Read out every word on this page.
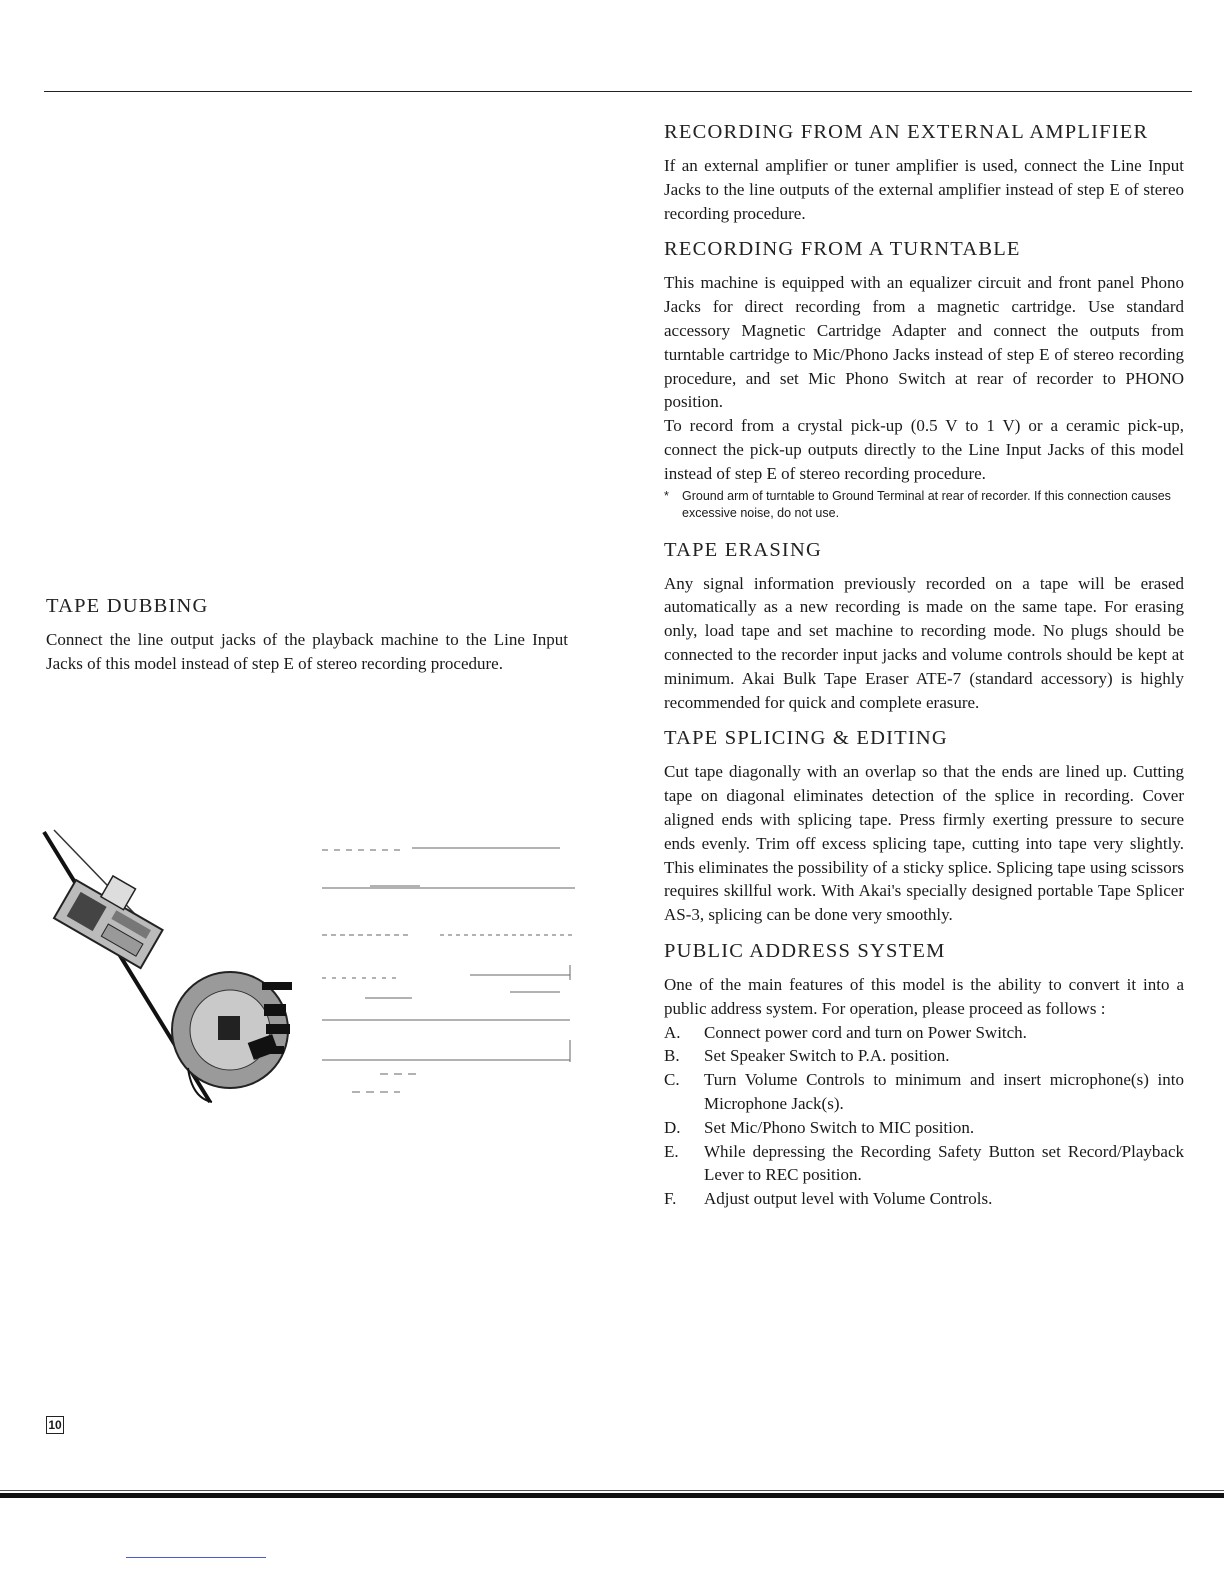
RECORDING FROM AN EXTERNAL AMPLIFIER

If an external amplifier or tuner amplifier is used, connect the Line Input Jacks to the line outputs of the external amplifier instead of step E of stereo recording procedure.

RECORDING FROM A TURNTABLE

This machine is equipped with an equalizer circuit and front panel Phono Jacks for direct recording from a magnetic cartridge. Use standard accessory Magnetic Cartridge Adapter and connect the outputs from turntable cartridge to Mic/Phono Jacks instead of step E of stereo recording procedure, and set Mic Phono Switch at rear of recorder to PHONO position.

To record from a crystal pick-up (0.5 V to 1 V) or a ceramic pick-up, connect the pick-up outputs directly to the Line Input Jacks of this model instead of step E of stereo recording procedure.

* Ground arm of turntable to Ground Terminal at rear of recorder. If this connection causes excessive noise, do not use.
TAPE ERASING

Any signal information previously recorded on a tape will be erased automatically as a new recording is made on the same tape. For erasing only, load tape and set machine to recording mode. No plugs should be connected to the recorder input jacks and volume controls should be kept at minimum. Akai Bulk Tape Eraser ATE-7 (standard accessory) is highly recommended for quick and complete erasure.

TAPE SPLICING & EDITING

Cut tape diagonally with an overlap so that the ends are lined up. Cutting tape on diagonal eliminates detection of the splice in recording. Cover aligned ends with splicing tape. Press firmly exerting pressure to secure ends evenly. Trim off excess splicing tape, cutting into tape very slightly. This eliminates the possibility of a sticky splice. Splicing tape using scissors requires skillful work. With Akai's specially designed portable Tape Splicer AS-3, splicing can be done very smoothly.

PUBLIC ADDRESS SYSTEM

One of the main features of this model is the ability to convert it into a public address system. For operation, please proceed as follows :

A. Connect power cord and turn on Power Switch.
B. Set Speaker Switch to P.A. position.
C. Turn Volume Controls to minimum and insert microphone(s) into Microphone Jack(s).
D. Set Mic/Phono Switch to MIC position.
E. While depressing the Recording Safety Button set Record/Playback Lever to REC position.
F. Adjust output level with Volume Controls.
TAPE DUBBING

Connect the line output jacks of the playback machine to the Line Input Jacks of this model instead of step E of stereo recording procedure.

10
